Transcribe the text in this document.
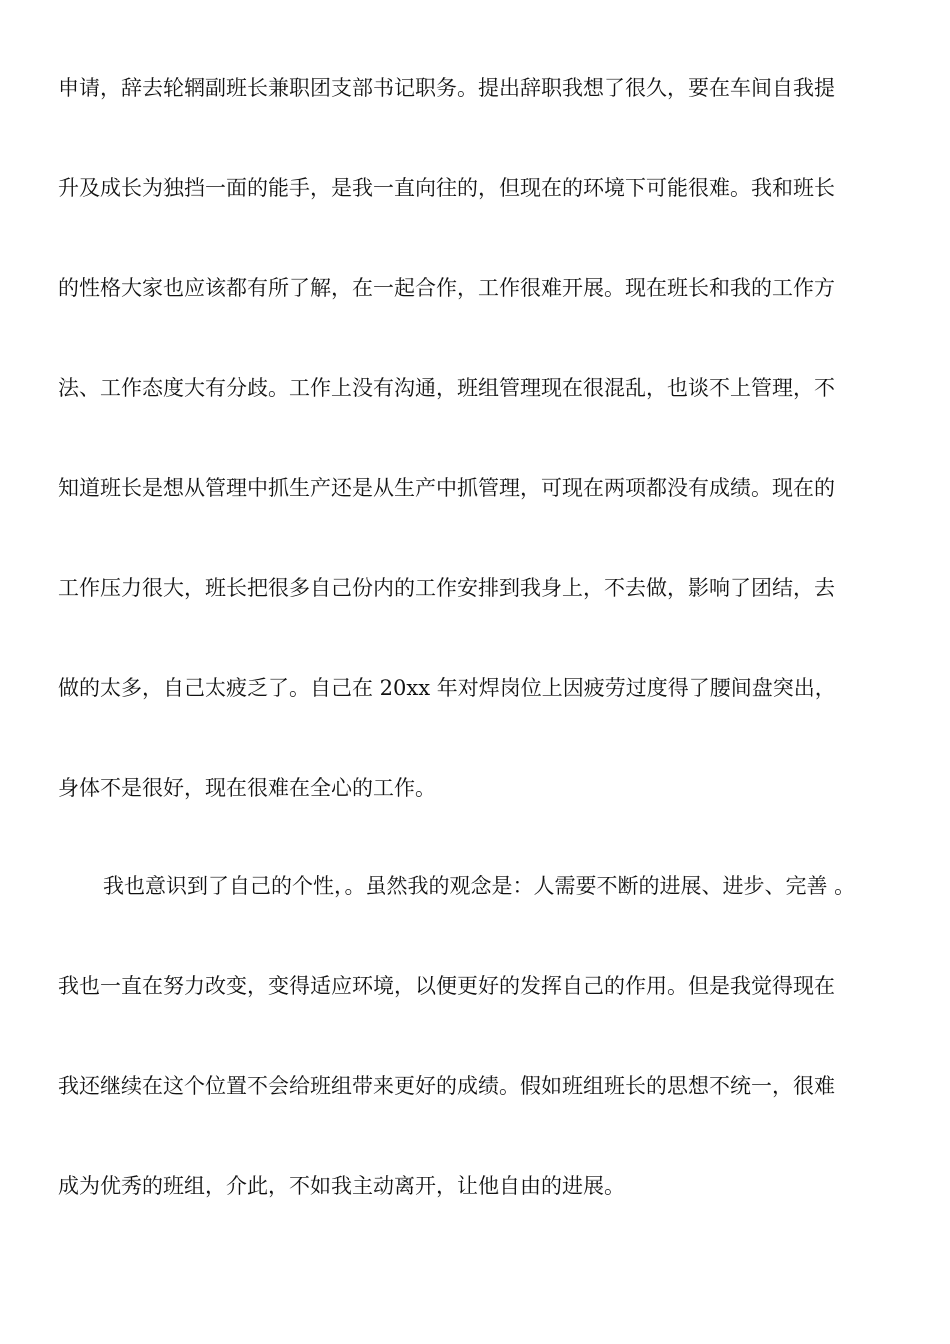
申请，辞去轮辋副班长兼职团支部书记职务。提出辞职我想了很久，要在车间自我提
升及成长为独挡一面的能手，是我一直向往的，但现在的环境下可能很难。我和班长
的性格大家也应该都有所了解，在一起合作，工作很难开展。现在班长和我的工作方
法、工作态度大有分歧。工作上没有沟通，班组管理现在很混乱，也谈不上管理，不
知道班长是想从管理中抓生产还是从生产中抓管理，可现在两项都没有成绩。现在的
工作压力很大，班长把很多自己份内的工作安排到我身上，不去做，影响了团结，去
做的太多，自己太疲乏了。自己在 20xx 年对焊岗位上因疲劳过度得了腰间盘突出，
身体不是很好，现在很难在全心的工作。
我也意识到了自己的个性，。虽然我的观念是：人需要不断的进展、进步、完善 。
我也一直在努力改变，变得适应环境，以便更好的发挥自己的作用。但是我觉得现在
我还继续在这个位置不会给班组带来更好的成绩。假如班组班长的思想不统一，很难
成为优秀的班组，介此，不如我主动离开，让他自由的进展。
